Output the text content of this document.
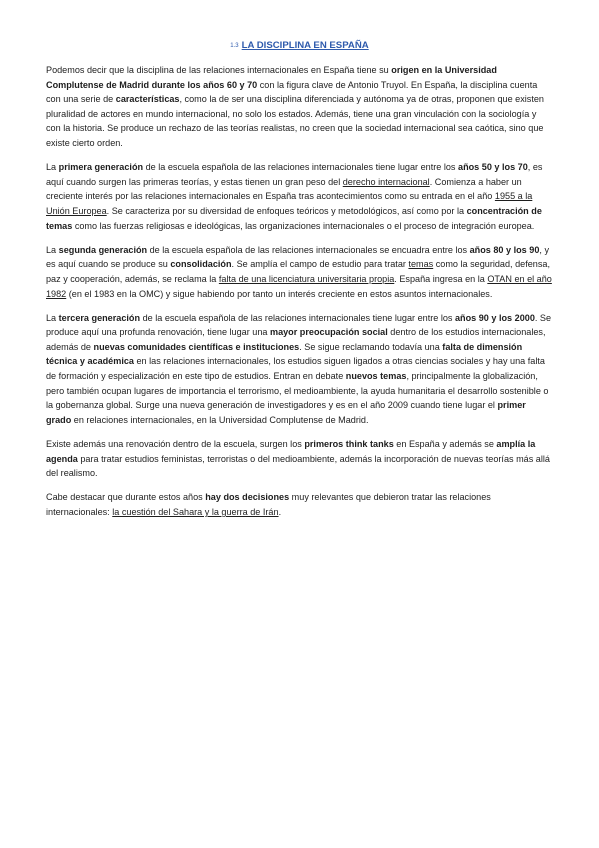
1.3 LA DISCIPLINA EN ESPAÑA

Podemos decir que la disciplina de las relaciones internacionales en España tiene su origen en la Universidad Complutense de Madrid durante los años 60 y 70 con la figura clave de Antonio Truyol. En España, la disciplina cuenta con una serie de características, como la de ser una disciplina diferenciada y autónoma ya de otras, proponen que existen pluralidad de actores en mundo internacional, no solo los estados. Además, tiene una gran vinculación con la sociología y con la historia. Se produce un rechazo de las teorías realistas, no creen que la sociedad internacional sea caótica, sino que existe cierto orden.

La primera generación de la escuela española de las relaciones internacionales tiene lugar entre los años 50 y los 70, es aquí cuando surgen las primeras teorías, y estas tienen un gran peso del derecho internacional. Comienza a haber un creciente interés por las relaciones internacionales en España tras acontecimientos como su entrada en el año 1955 a la Unión Europea. Se caracteriza por su diversidad de enfoques teóricos y metodológicos, así como por la concentración de temas como las fuerzas religiosas e ideológicas, las organizaciones internacionales o el proceso de integración europea.

La segunda generación de la escuela española de las relaciones internacionales se encuadra entre los años 80 y los 90, y es aquí cuando se produce su consolidación. Se amplía el campo de estudio para tratar temas como la seguridad, defensa, paz y cooperación, además, se reclama la falta de una licenciatura universitaria propia. España ingresa en la OTAN en el año 1982 (en el 1983 en la OMC) y sigue habiendo por tanto un interés creciente en estos asuntos internacionales.

La tercera generación de la escuela española de las relaciones internacionales tiene lugar entre los años 90 y los 2000. Se produce aquí una profunda renovación, tiene lugar una mayor preocupación social dentro de los estudios internacionales, además de nuevas comunidades científicas e instituciones. Se sigue reclamando todavía una falta de dimensión técnica y académica en las relaciones internacionales, los estudios siguen ligados a otras ciencias sociales y hay una falta de formación y especialización en este tipo de estudios. Entran en debate nuevos temas, principalmente la globalización, pero también ocupan lugares de importancia el terrorismo, el medioambiente, la ayuda humanitaria el desarrollo sostenible o la gobernanza global. Surge una nueva generación de investigadores y es en el año 2009 cuando tiene lugar el primer grado en relaciones internacionales, en la Universidad Complutense de Madrid.

Existe además una renovación dentro de la escuela, surgen los primeros think tanks en España y además se amplía la agenda para tratar estudios feministas, terroristas o del medioambiente, además la incorporación de nuevas teorías más allá del realismo.

Cabe destacar que durante estos años hay dos decisiones muy relevantes que debieron tratar las relaciones internacionales: la cuestión del Sahara y la guerra de Irán.
